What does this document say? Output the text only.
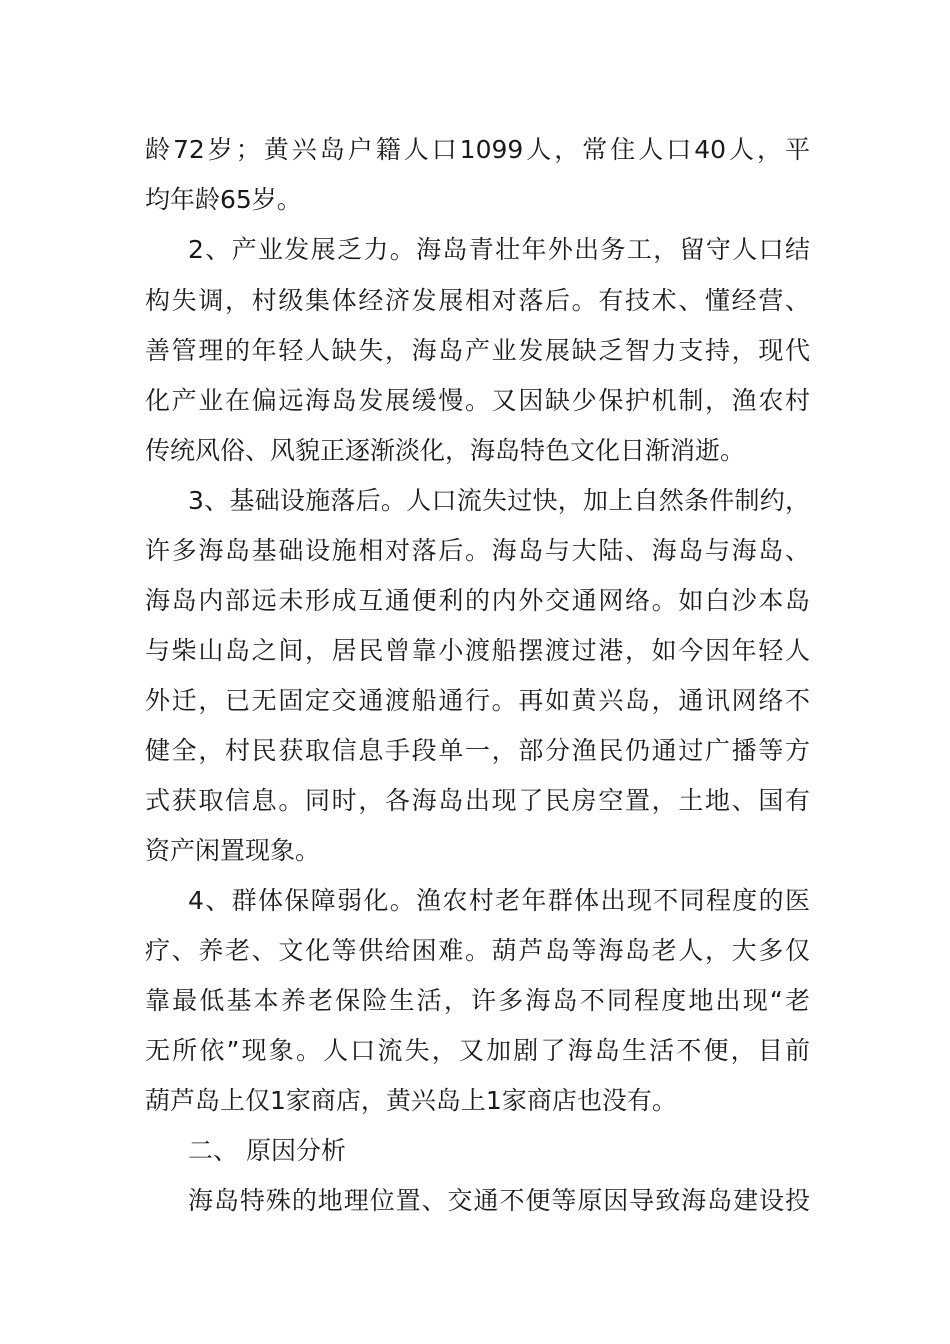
龄72岁；黄兴岛户籍人口1099人，常住人口40人，平
均年龄65岁。
2、产业发展乏力。海岛青壮年外出务工，留守人口结
构失调，村级集体经济发展相对落后。有技术、懂经营、
善管理的年轻人缺失，海岛产业发展缺乏智力支持，现代
化产业在偏远海岛发展缓慢。又因缺少保护机制，渔农村
传统风俗、风貌正逐渐淡化，海岛特色文化日渐消逝。
3、基础设施落后。人口流失过快，加上自然条件制约，
许多海岛基础设施相对落后。海岛与大陆、海岛与海岛、
海岛内部远未形成互通便利的内外交通网络。如白沙本岛
与柴山岛之间，居民曾靠小渡船摆渡过港，如今因年轻人
外迁，已无固定交通渡船通行。再如黄兴岛，通讯网络不
健全，村民获取信息手段单一，部分渔民仍通过广播等方
式获取信息。同时，各海岛出现了民房空置，土地、国有
资产闲置现象。
4、群体保障弱化。渔农村老年群体出现不同程度的医
疗、养老、文化等供给困难。葫芦岛等海岛老人，大多仅
靠最低基本养老保险生活，许多海岛不同程度地出现“老
无所依”现象。人口流失，又加剧了海岛生活不便，目前
葫芦岛上仅1家商店，黄兴岛上1家商店也没有。
二、 原因分析
海岛特殊的地理位置、交通不便等原因导致海岛建设投
